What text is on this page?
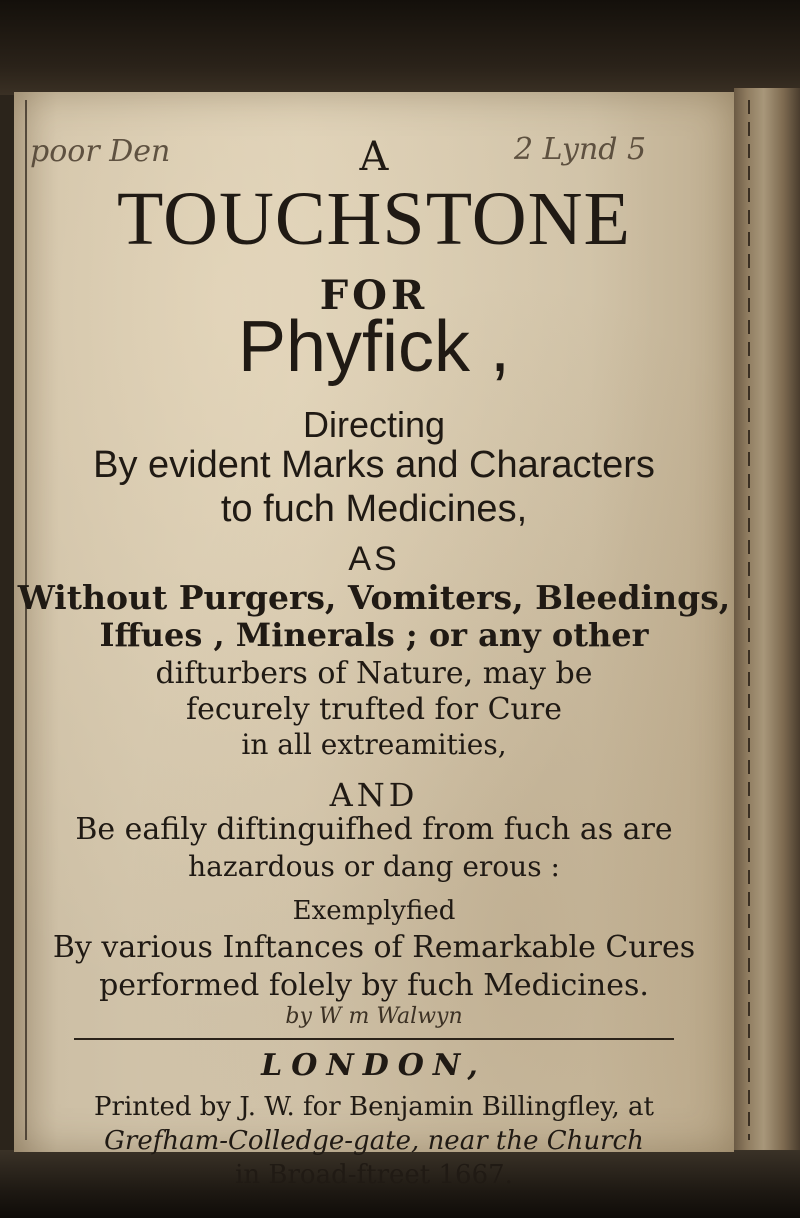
poor Den	2 Lynd 5
A
TOUCHSTONE
FOR
Phyfick ,
Directing
By evident Marks and Characters
to fuch Medicines,
AS
Without Purgers, Vomiters, Bleedings,
Iffues , Minerals ; or any other
difturbers of Nature, may be
fecurely trufted for Cure
in all extreamities,
AND
Be eafily diftinguifhed from fuch as are
hazardous or dang erous :
Exemplyfied
By various Inftances of Remarkable Cures
performed folely by fuch Medicines.
by W m Walwyn
LONDON,
Printed by J. W. for Benjamin Billingfley, at
Grefham-Colledge-gate, near the Church
in Broad-ftreet 1667.
